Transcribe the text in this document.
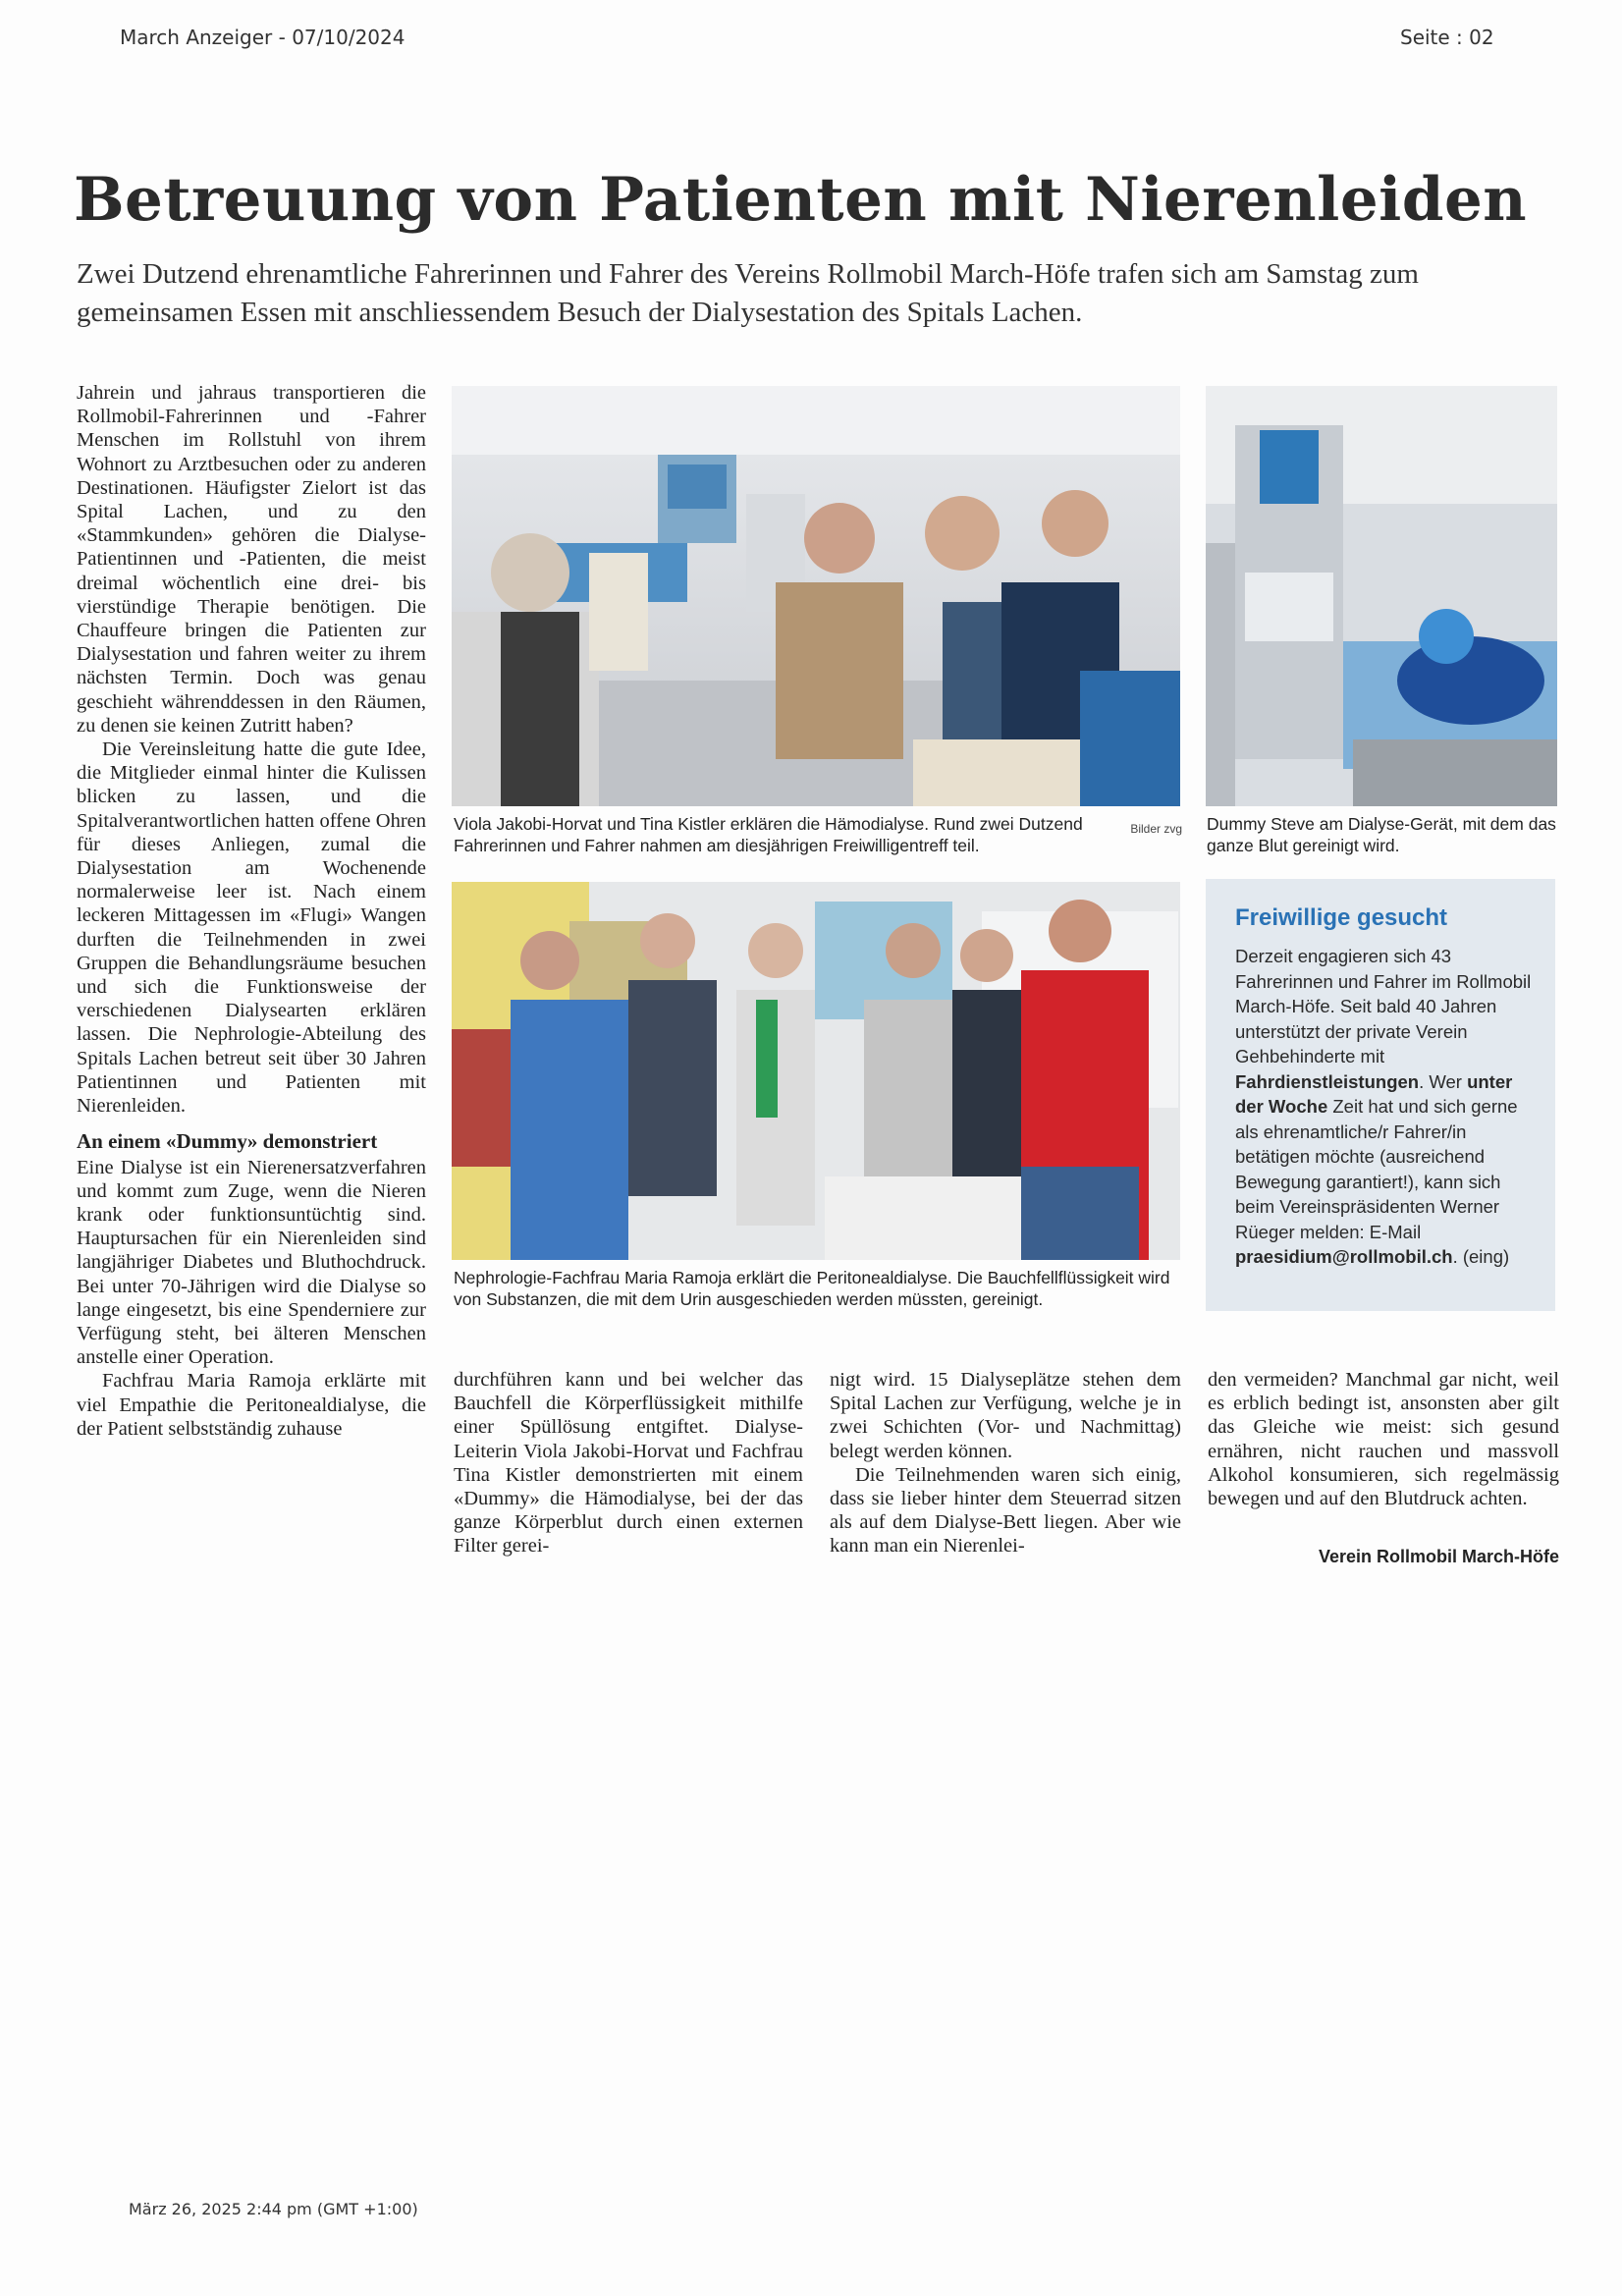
March Anzeiger - 07/10/2024	Seite : 02
Betreuung von Patienten mit Nierenleiden
Zwei Dutzend ehrenamtliche Fahrerinnen und Fahrer des Vereins Rollmobil March-Höfe trafen sich am Samstag zum gemeinsamen Essen mit anschliessendem Besuch der Dialysestation des Spitals Lachen.

Jahrein und jahraus transportieren die Rollmobil-Fahrerinnen und -Fahrer Menschen im Rollstuhl von ihrem Wohnort zu Arztbesuchen oder zu anderen Destinationen. Häufigster Zielort ist das Spital Lachen, und zu den «Stammkunden» gehören die Dialyse-Patientinnen und -Patienten, die meist dreimal wöchentlich eine drei- bis vierstündige Therapie benötigen. Die Chauffeure bringen die Patienten zur Dialysestation und fahren weiter zu ihrem nächsten Termin. Doch was genau geschieht währenddessen in den Räumen, zu denen sie keinen Zutritt haben?

Die Vereinsleitung hatte die gute Idee, die Mitglieder einmal hinter die Kulissen blicken zu lassen, und die Spitalverantwortlichen hatten offene Ohren für dieses Anliegen, zumal die Dialysestation am Wochenende normalerweise leer ist. Nach einem leckeren Mittagessen im «Flugi» Wangen durften die Teilnehmenden in zwei Gruppen die Behandlungsräume besuchen und sich die Funktionsweise der verschiedenen Dialysearten erklären lassen. Die Nephrologie-Abteilung des Spitals Lachen betreut seit über 30 Jahren Patientinnen und Patienten mit Nierenleiden.

An einem «Dummy» demonstriert

Eine Dialyse ist ein Nierenersatzverfahren und kommt zum Zuge, wenn die Nieren krank oder funktionsuntüchtig sind. Hauptursachen für ein Nierenleiden sind langjähriger Diabetes und Bluthochdruck. Bei unter 70-Jährigen wird die Dialyse so lange eingesetzt, bis eine Spenderniere zur Verfügung steht, bei älteren Menschen anstelle einer Operation.

Fachfrau Maria Ramoja erklärte mit viel Empathie die Peritonealdialyse, die der Patient selbstständig zuhause

Bilder zvg
Viola Jakobi-Horvat und Tina Kistler erklären die Hämodialyse. Rund zwei Dutzend Fahrerinnen und Fahrer nahmen am diesjährigen Freiwilligentreff teil.
Dummy Steve am Dialyse-Gerät, mit dem das ganze Blut gereinigt wird.
Nephrologie-Fachfrau Maria Ramoja erklärt die Peritonealdialyse. Die Bauchfellflüssigkeit wird von Substanzen, die mit dem Urin ausgeschieden werden müssten, gereinigt.
Freiwillige gesucht
Derzeit engagieren sich 43 Fahrerinnen und Fahrer im Rollmobil March-Höfe. Seit bald 40 Jahren unterstützt der private Verein Gehbehinderte mit Fahrdienstleistungen. Wer unter der Woche Zeit hat und sich gerne als ehrenamtliche/r Fahrer/in betätigen möchte (ausreichend Bewegung garantiert!), kann sich beim Vereinspräsidenten Werner Rüeger melden: E-Mail praesidium@rollmobil.ch. (eing)

durchführen kann und bei welcher das Bauchfell die Körperflüssigkeit mithilfe einer Spüllösung entgiftet. Dialyse-Leiterin Viola Jakobi-Horvat und Fachfrau Tina Kistler demonstrierten mit einem «Dummy» die Hämodialyse, bei der das ganze Körperblut durch einen externen Filter gerei-

nigt wird. 15 Dialyseplätze stehen dem Spital Lachen zur Verfügung, welche je in zwei Schichten (Vor- und Nachmittag) belegt werden können.

Die Teilnehmenden waren sich einig, dass sie lieber hinter dem Steuerrad sitzen als auf dem Dialyse-Bett liegen. Aber wie kann man ein Nierenlei-

den vermeiden? Manchmal gar nicht, weil es erblich bedingt ist, ansonsten aber gilt das Gleiche wie meist: sich gesund ernähren, nicht rauchen und massvoll Alkohol konsumieren, sich regelmässig bewegen und auf den Blutdruck achten.

Verein Rollmobil March-Höfe
März 26, 2025 2:44 pm (GMT +1:00)
